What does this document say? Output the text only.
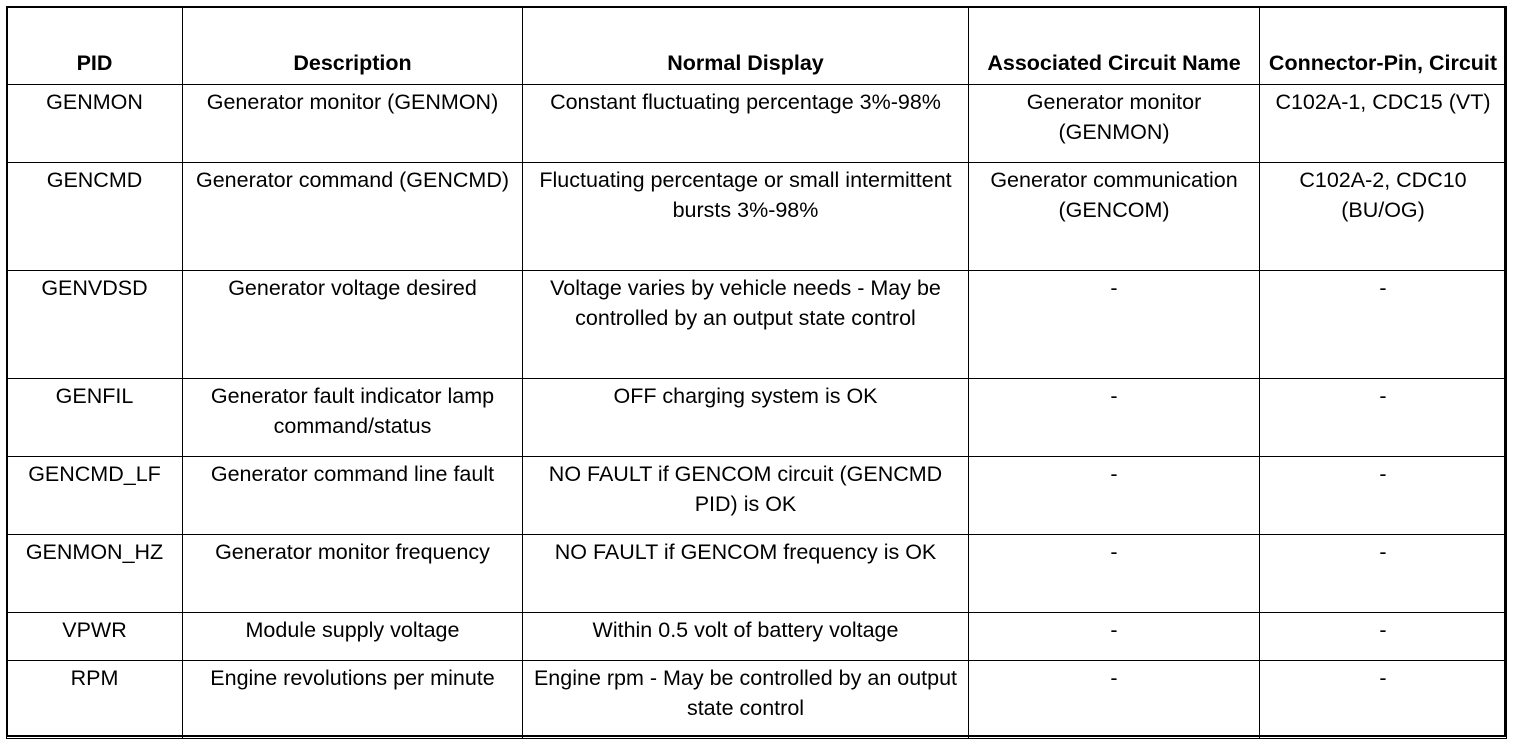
PID	Description	Normal Display	Associated Circuit Name	Connector-Pin, Circuit
GENMON	Generator monitor (GENMON)	Constant fluctuating percentage 3%-98%	Generator monitor (GENMON)	C102A-1, CDC15 (VT)
GENCMD	Generator command (GENCMD)	Fluctuating percentage or small intermittent bursts 3%-98%	Generator communication (GENCOM)	C102A-2, CDC10 (BU/OG)
GENVDSD	Generator voltage desired	Voltage varies by vehicle needs - May be controlled by an output state control	-	-
GENFIL	Generator fault indicator lamp command/status	OFF charging system is OK	-	-
GENCMD_LF	Generator command line fault	NO FAULT if GENCOM circuit (GENCMD PID) is OK	-	-
GENMON_HZ	Generator monitor frequency	NO FAULT if GENCOM frequency is OK	-	-
VPWR	Module supply voltage	Within 0.5 volt of battery voltage	-	-
RPM	Engine revolutions per minute	Engine rpm - May be controlled by an output state control	-	-
